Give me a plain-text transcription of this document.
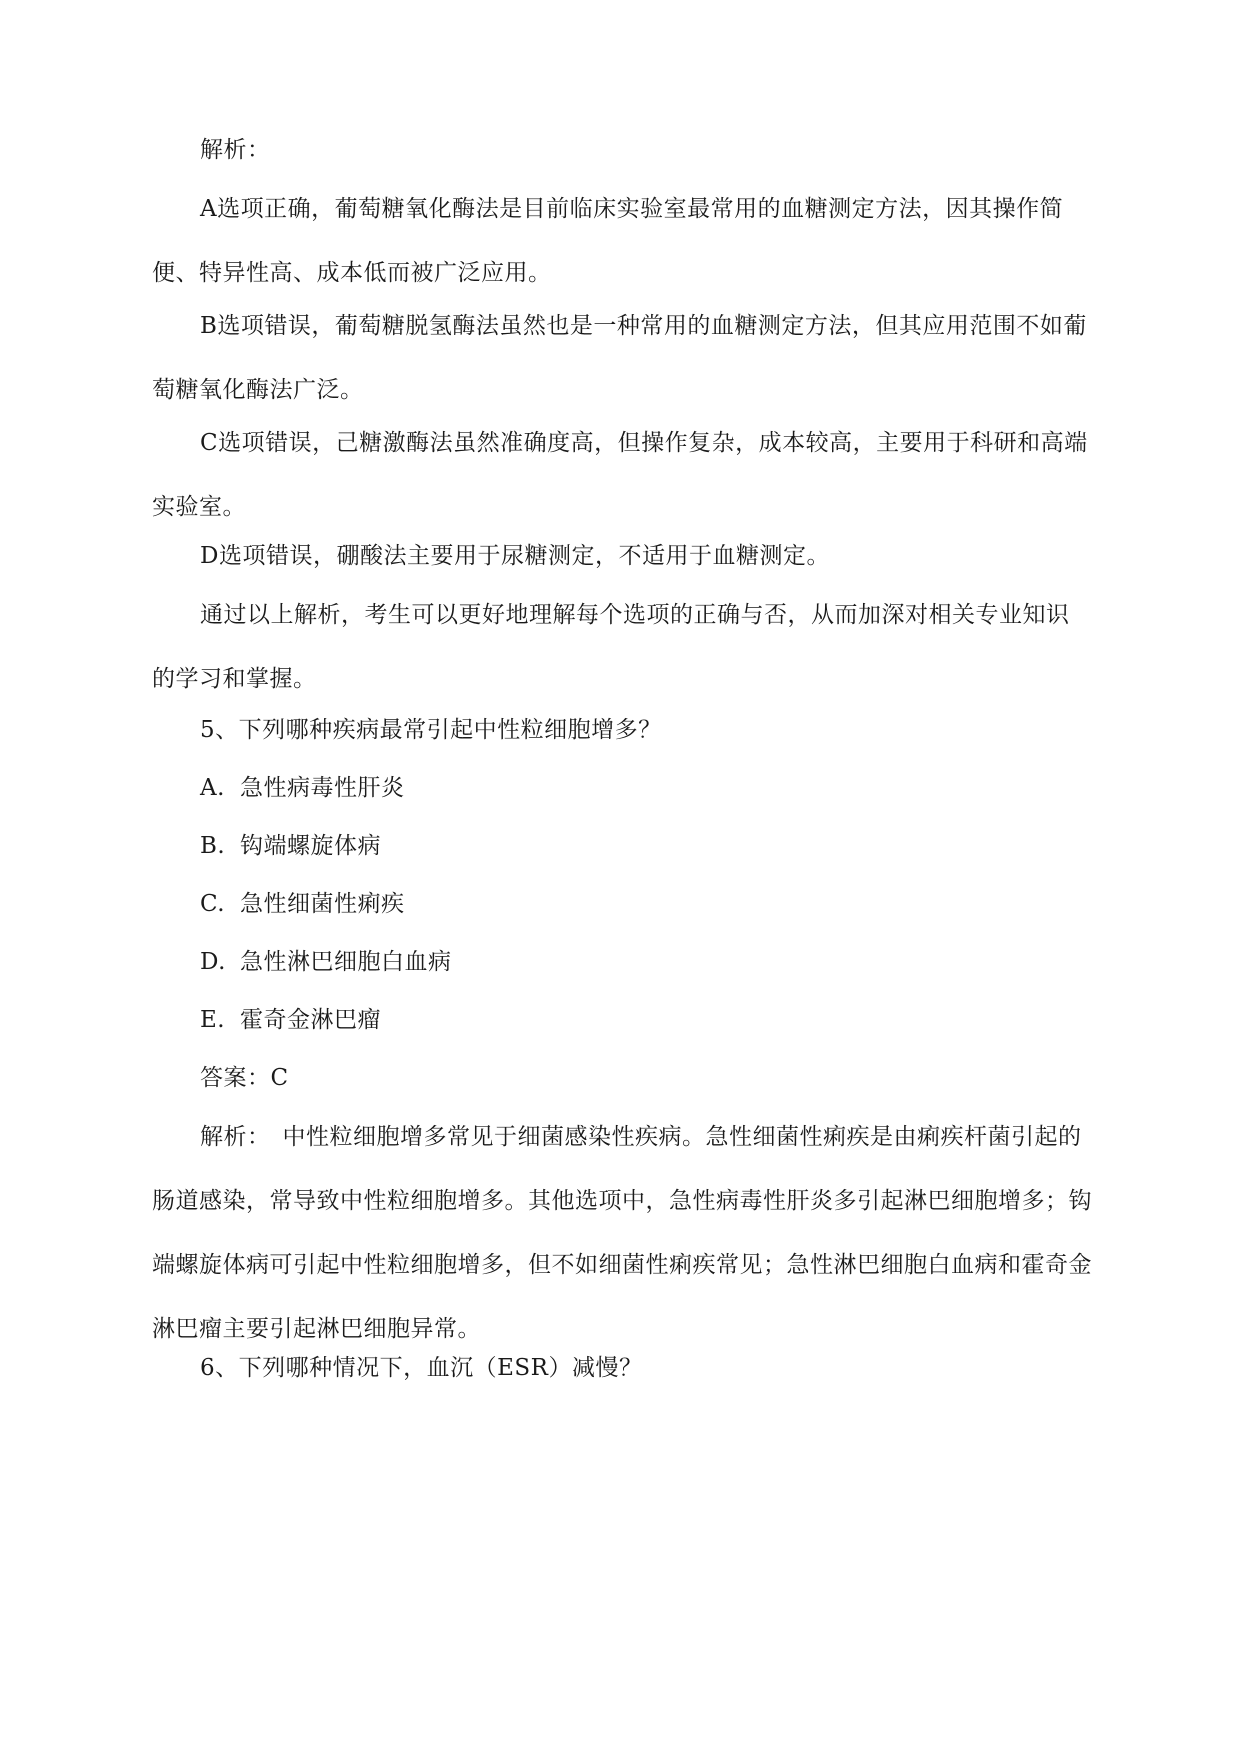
解析：

A选项正确，葡萄糖氧化酶法是目前临床实验室最常用的血糖测定方法，因其操作简便、特异性高、成本低而被广泛应用。

B选项错误，葡萄糖脱氢酶法虽然也是一种常用的血糖测定方法，但其应用范围不如葡萄糖氧化酶法广泛。

C选项错误，己糖激酶法虽然准确度高，但操作复杂，成本较高，主要用于科研和高端实验室。

D选项错误，硼酸法主要用于尿糖测定，不适用于血糖测定。

通过以上解析，考生可以更好地理解每个选项的正确与否，从而加深对相关专业知识的学习和掌握。

5、下列哪种疾病最常引起中性粒细胞增多？

A. 急性病毒性肝炎

B. 钩端螺旋体病

C. 急性细菌性痢疾

D. 急性淋巴细胞白血病

E. 霍奇金淋巴瘤

答案：C

解析：　中性粒细胞增多常见于细菌感染性疾病。急性细菌性痢疾是由痢疾杆菌引起的肠道感染，常导致中性粒细胞增多。其他选项中，急性病毒性肝炎多引起淋巴细胞增多；钩端螺旋体病可引起中性粒细胞增多，但不如细菌性痢疾常见；急性淋巴细胞白血病和霍奇金淋巴瘤主要引起淋巴细胞异常。

6、下列哪种情况下，血沉（ESR）减慢？
